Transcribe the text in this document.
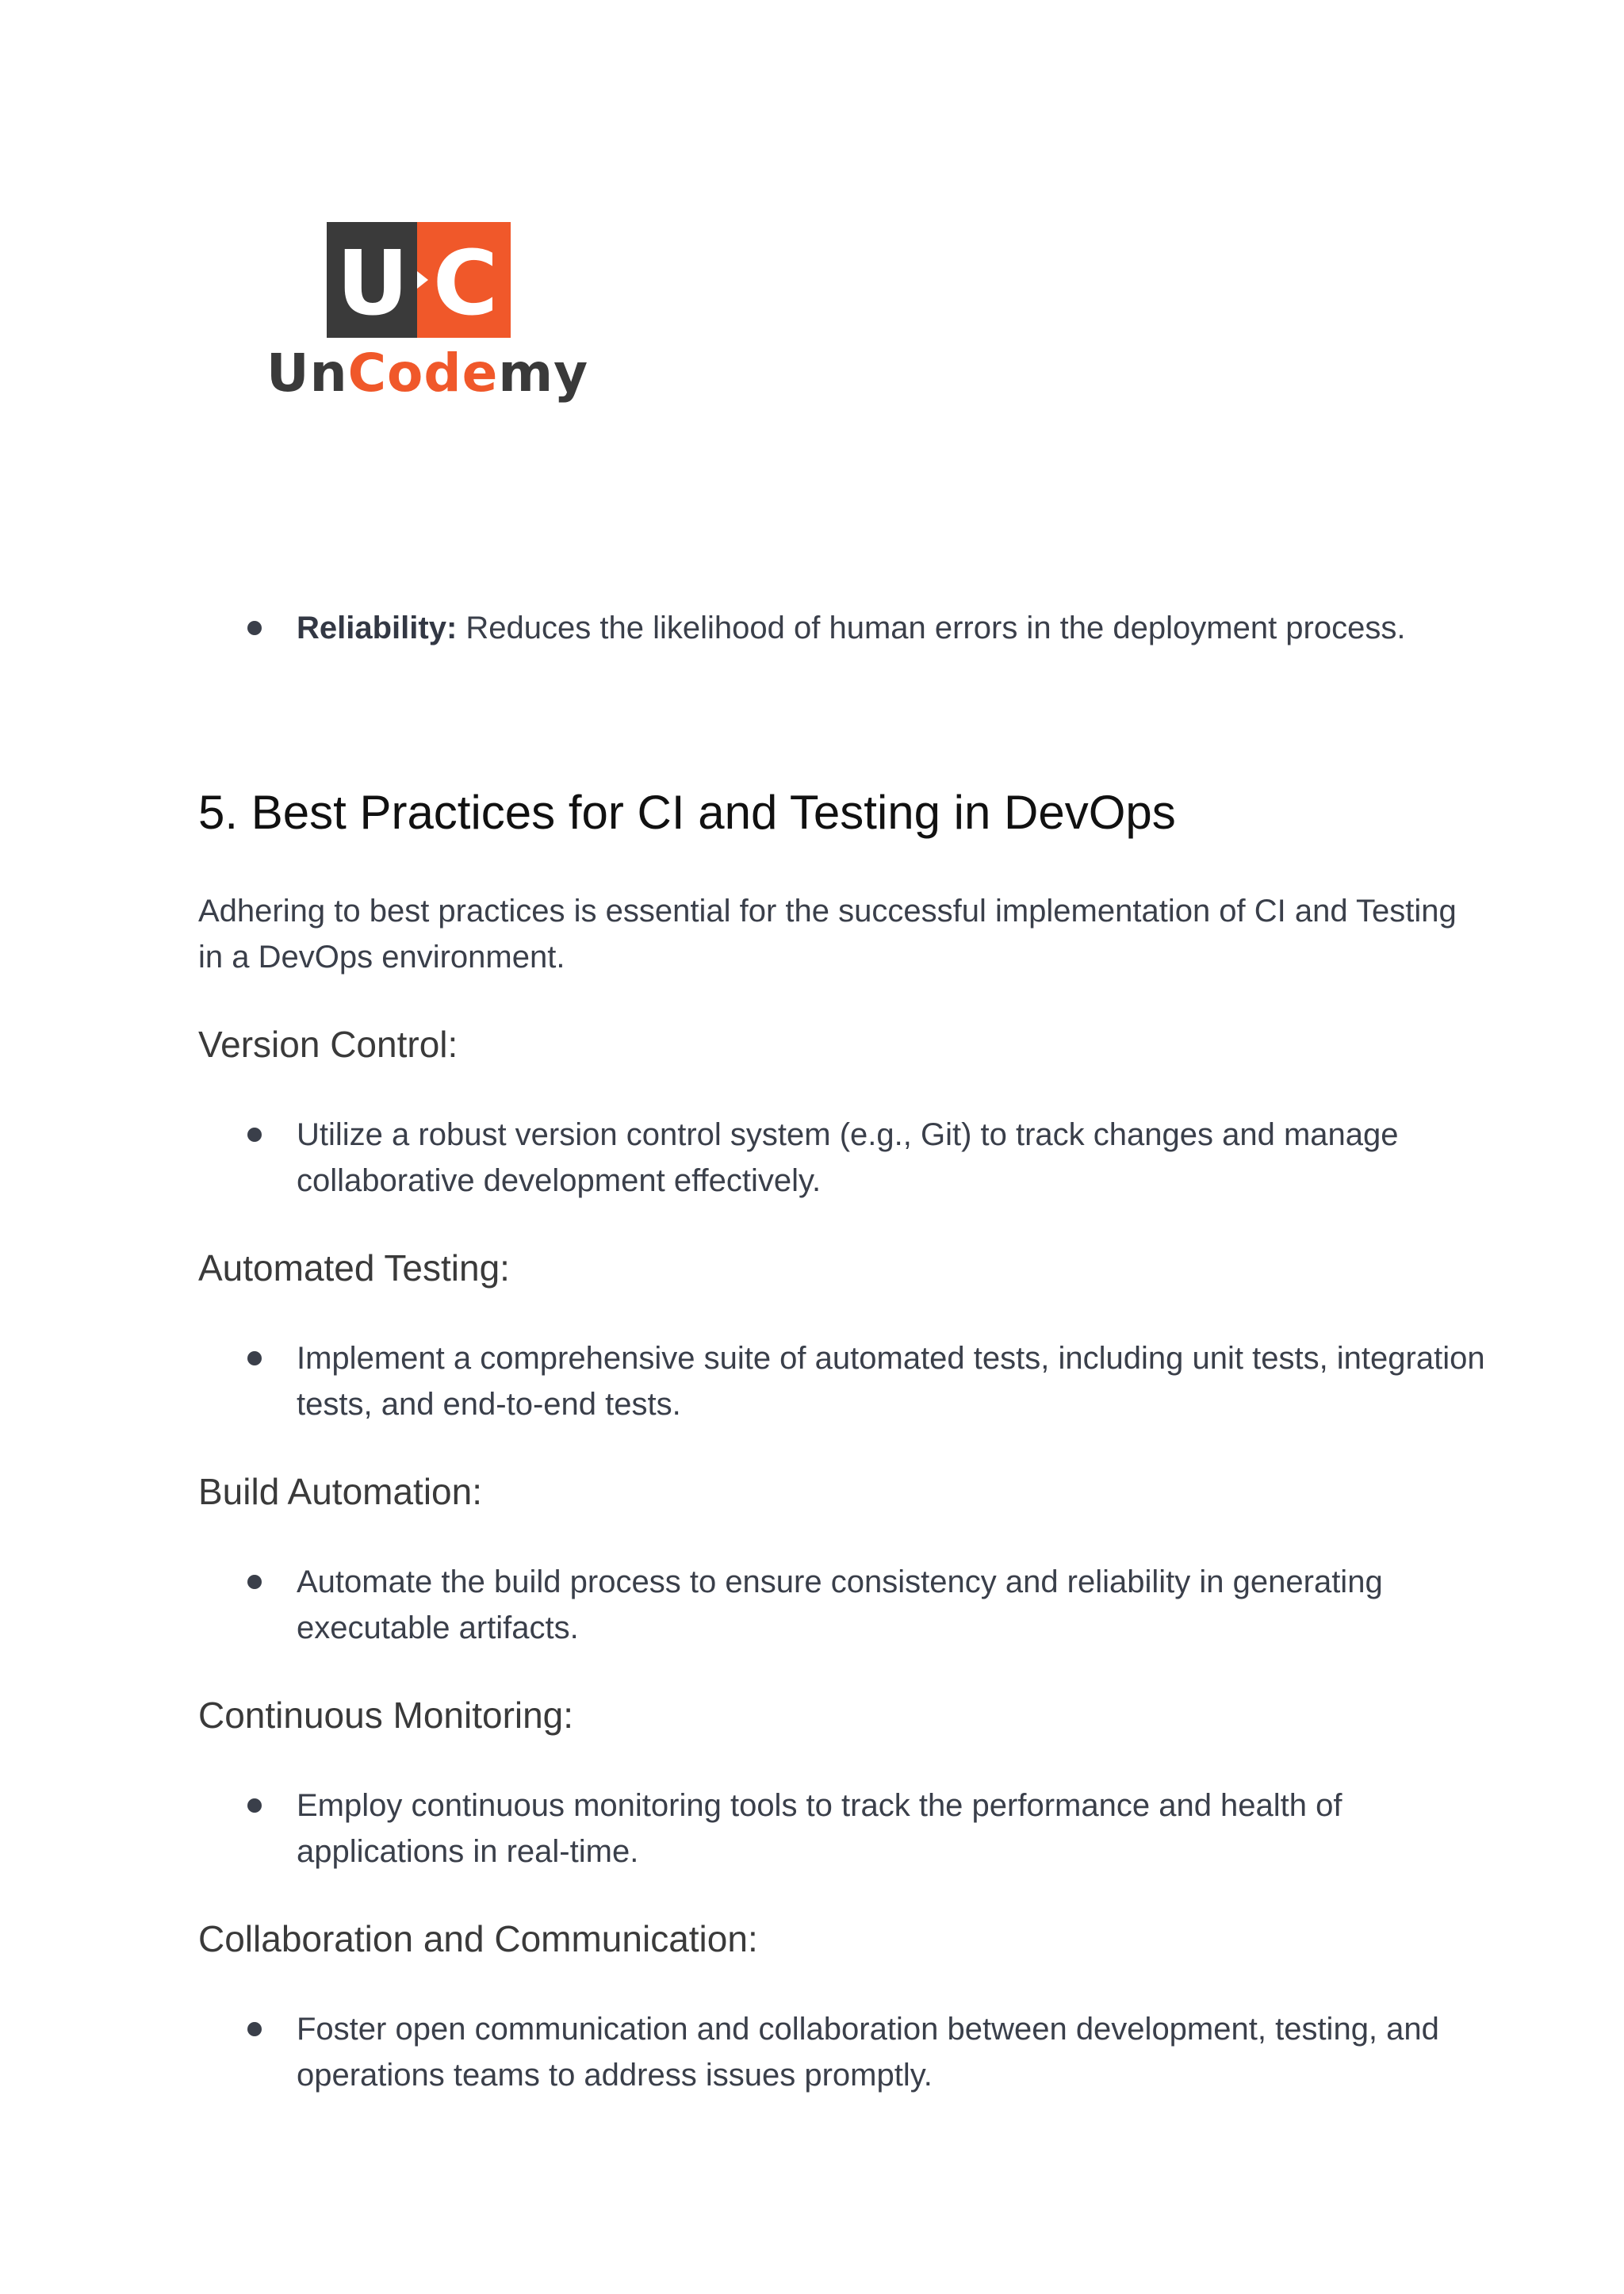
U C
UnCodemy

Reliability: Reduces the likelihood of human errors in the deployment process.

5. Best Practices for CI and Testing in DevOps

Adhering to best practices is essential for the successful implementation of CI and Testing in a DevOps environment.

Version Control:

Utilize a robust version control system (e.g., Git) to track changes and manage collaborative development effectively.

Automated Testing:

Implement a comprehensive suite of automated tests, including unit tests, integration tests, and end-to-end tests.

Build Automation:

Automate the build process to ensure consistency and reliability in generating executable artifacts.

Continuous Monitoring:

Employ continuous monitoring tools to track the performance and health of applications in real-time.

Collaboration and Communication:

Foster open communication and collaboration between development, testing, and operations teams to address issues promptly.
